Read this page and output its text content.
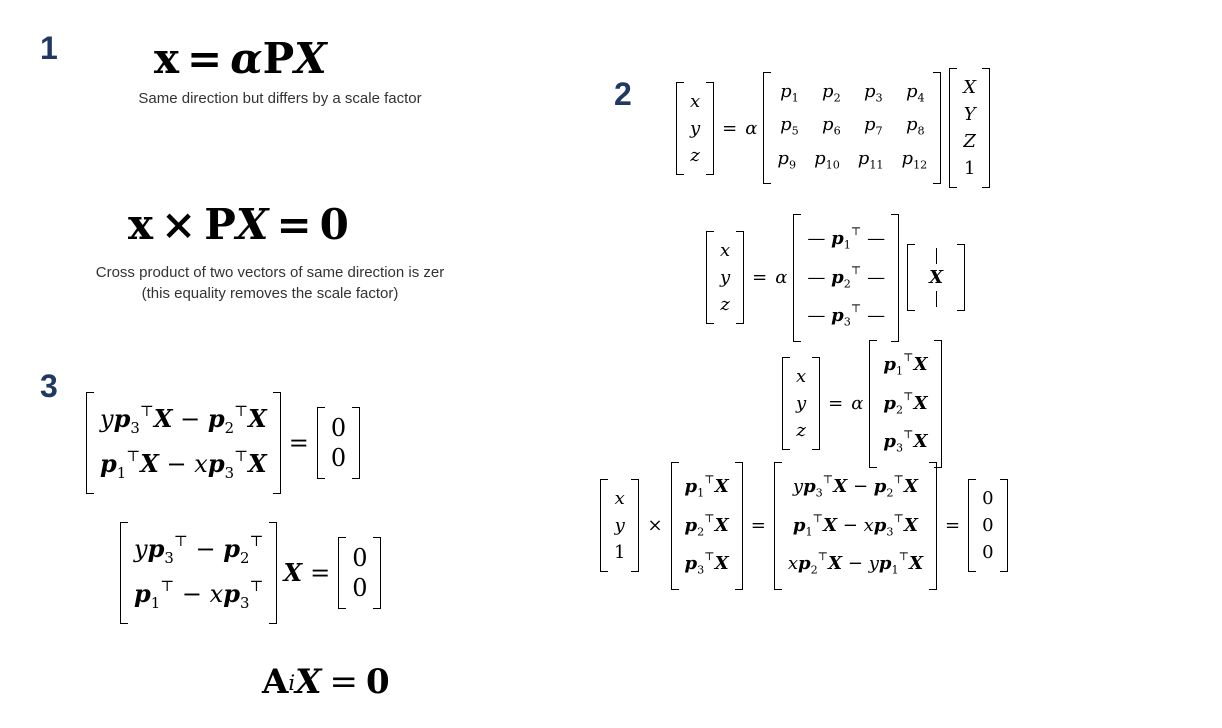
1
2
3
x = α P X
Same direction but differs by a scale factor
x × P X = 0
Cross product of two vectors of same direction is zer
(this equality removes the scale factor)
x
y
z
= α
$p_1$ $p_2$ $p_3$ $p_4$
$p_5$ $p_6$ $p_7$ $p_8$
$p_9$ $p_{10}$ $p_{11}$ $p_{12}$
X
Y
Z
1
x
y
z
= α
— $p_1^⊤$ —
— $p_2^⊤$ —
— $p_3^⊤$ —
X
x
y
z
= α
$p_1^⊤X$
$p_2^⊤X$
$p_3^⊤X$
x
y
1
×
$p_1^⊤X$
$p_2^⊤X$
$p_3^⊤X$
=
$yp_3^⊤X - p_2^⊤X$
$p_1^⊤X - xp_3^⊤X$
$xp_2^⊤X - yp_1^⊤X$
=
0
0
0
$yp_3^⊤X - p_2^⊤X$
$p_1^⊤X - xp_3^⊤X$
=
0
0
$yp_3^⊤ - p_2^⊤$
$p_1^⊤ - xp_3^⊤$ X =
0
0
A i X = 0
